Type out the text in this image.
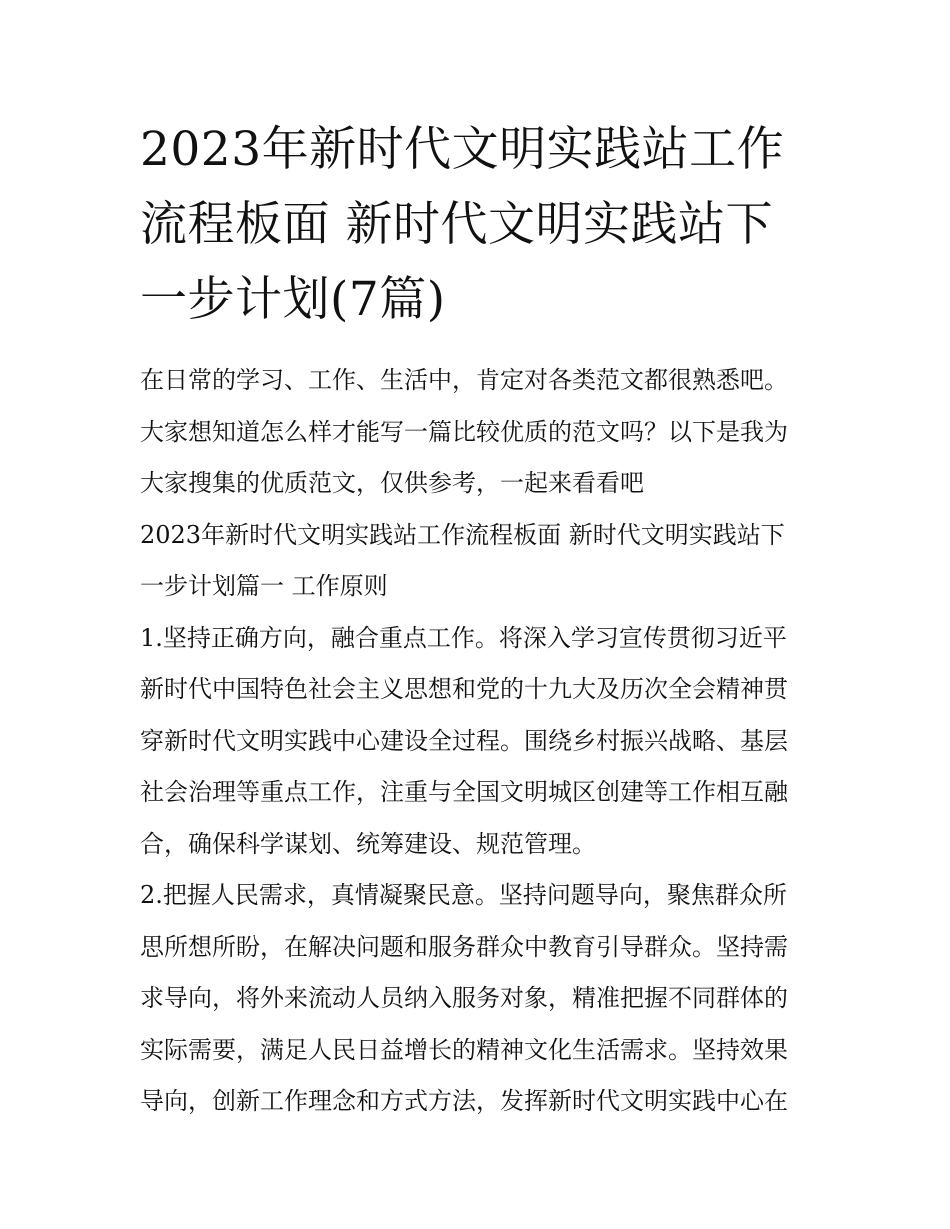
2023年新时代文明实践站工作
流程板面 新时代文明实践站下
一步计划(7篇)
在日常的学习、工作、生活中，肯定对各类范文都很熟悉吧。
大家想知道怎么样才能写一篇比较优质的范文吗？以下是我为
大家搜集的优质范文，仅供参考，一起来看看吧
2023年新时代文明实践站工作流程板面 新时代文明实践站下
一步计划篇一 工作原则
1.坚持正确方向，融合重点工作。将深入学习宣传贯彻习近平
新时代中国特色社会主义思想和党的十九大及历次全会精神贯
穿新时代文明实践中心建设全过程。围绕乡村振兴战略、基层
社会治理等重点工作，注重与全国文明城区创建等工作相互融
合，确保科学谋划、统筹建设、规范管理。
2.把握人民需求，真情凝聚民意。坚持问题导向，聚焦群众所
思所想所盼，在解决问题和服务群众中教育引导群众。坚持需
求导向，将外来流动人员纳入服务对象，精准把握不同群体的
实际需要，满足人民日益增长的精神文化生活需求。坚持效果
导向，创新工作理念和方式方法，发挥新时代文明实践中心在
